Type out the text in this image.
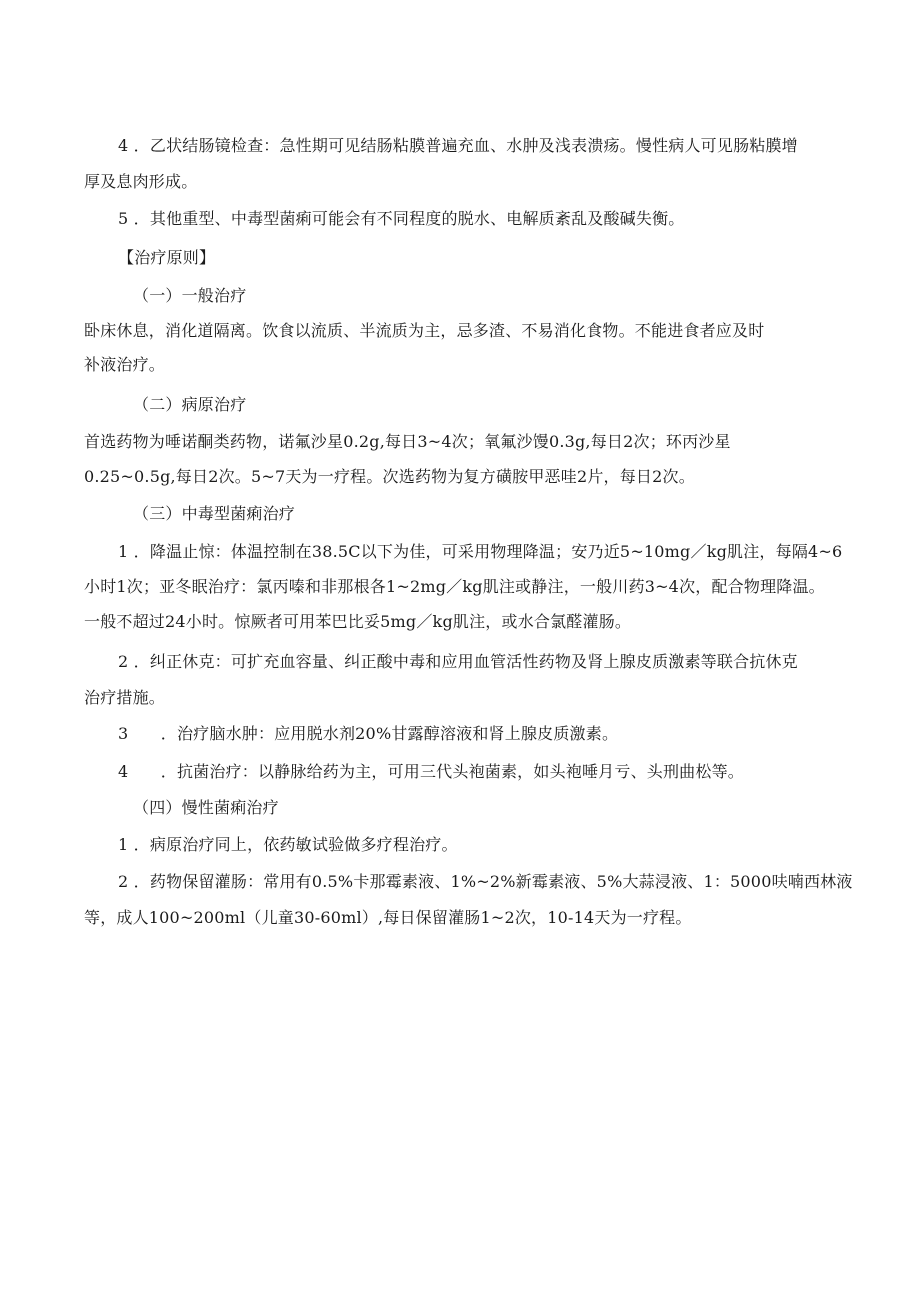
4 ．乙状结肠镜检查：急性期可见结肠粘膜普遍充血、水肿及浅表溃疡。慢性病人可见肠粘膜增
厚及息肉形成。
5 ．其他重型、中毒型菌痢可能会有不同程度的脱水、电解质紊乱及酸碱失衡。
【治疗原则】
（一）一般治疗
卧床休息，消化道隔离。饮食以流质、半流质为主，忌多渣、不易消化食物。不能进食者应及时
补液治疗。
（二）病原治疗
首选药物为唾诺酮类药物，诺氟沙星0.2g,每日3~4次；氧氟沙馒0.3g,每日2次；环丙沙星
0.25~0.5g,每日2次。5~7天为一疗程。次选药物为复方磺胺甲恶哇2片，每日2次。
（三）中毒型菌痢治疗
1 ．降温止惊：体温控制在38.5C以下为佳，可采用物理降温；安乃近5~10mg／kg肌注，每隔4~6
小时1次；亚冬眠治疗：氯丙嗪和非那根各1~2mg／kg肌注或静注，一般川药3~4次，配合物理降温。
一般不超过24小时。惊厥者可用苯巴比妥5mg／kg肌注，或水合氯醛灌肠。
2 ．纠正休克：可扩充血容量、纠正酸中毒和应用血管活性药物及肾上腺皮质激素等联合抗休克
治疗措施。
3　　．治疗脑水肿：应用脱水剂20%甘露醇溶液和肾上腺皮质激素。
4　　．抗菌治疗：以静脉给药为主，可用三代头袍菌素，如头袍唾月亏、头刑曲松等。
（四）慢性菌痢治疗
1 ．病原治疗同上，依药敏试验做多疗程治疗。
2 ．药物保留灌肠：常用有0.5%卡那霉素液、1%~2%新霉素液、5%大蒜浸液、1：5000呋喃西林液
等，成人100~200ml（儿童30-60ml）,每日保留灌肠1~2次，10-14天为一疗程。
